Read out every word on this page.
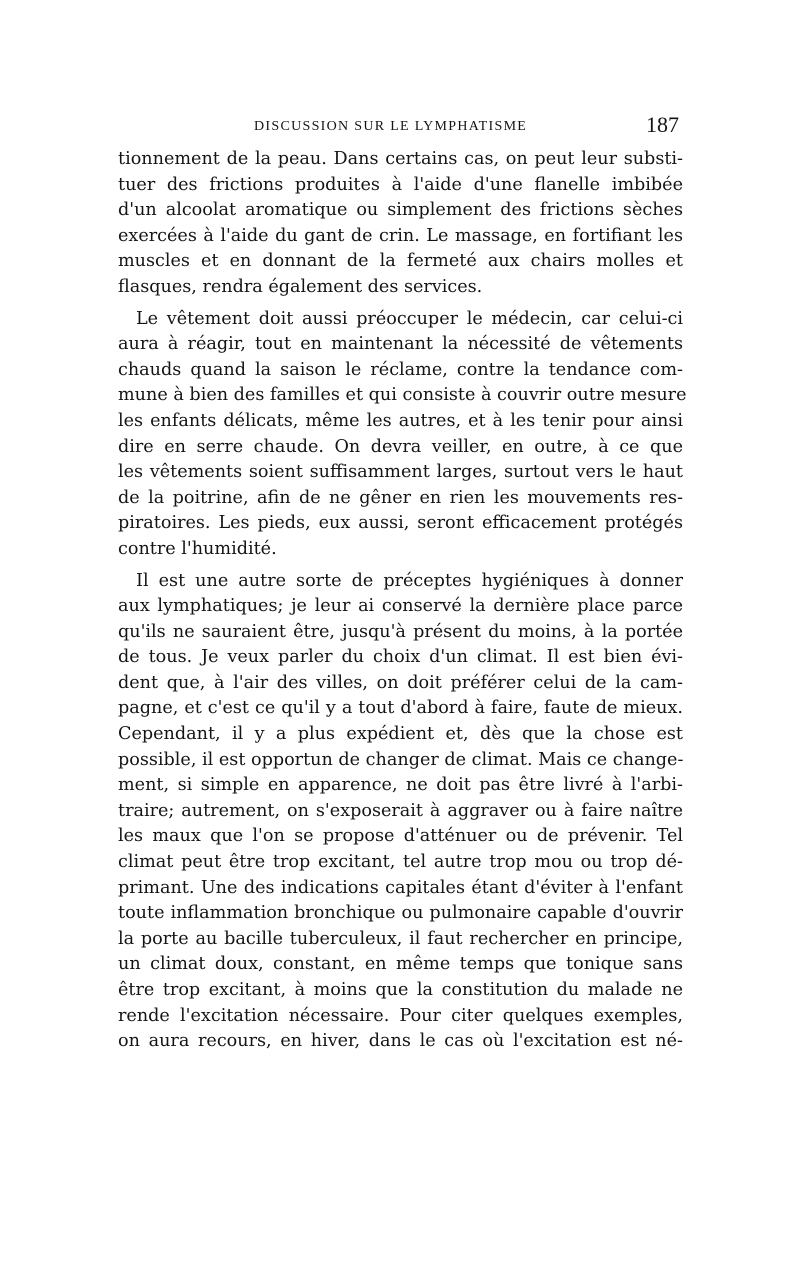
DISCUSSION SUR LE LYMPHATISME	187

tionnement de la peau. Dans certains cas, on peut leur substi-
tuer des frictions produites à l'aide d'une flanelle imbibée
d'un alcoolat aromatique ou simplement des frictions sèches
exercées à l'aide du gant de crin. Le massage, en fortifiant les
muscles et en donnant de la fermeté aux chairs molles et
flasques, rendra également des services.

Le vêtement doit aussi préoccuper le médecin, car celui-ci
aura à réagir, tout en maintenant la nécessité de vêtements
chauds quand la saison le réclame, contre la tendance com-
mune à bien des familles et qui consiste à couvrir outre mesure
les enfants délicats, même les autres, et à les tenir pour ainsi
dire en serre chaude. On devra veiller, en outre, à ce que
les vêtements soient suffisamment larges, surtout vers le haut
de la poitrine, afin de ne gêner en rien les mouvements res-
piratoires. Les pieds, eux aussi, seront efficacement protégés
contre l'humidité.

Il est une autre sorte de préceptes hygiéniques à donner
aux lymphatiques; je leur ai conservé la dernière place parce
qu'ils ne sauraient être, jusqu'à présent du moins, à la portée
de tous. Je veux parler du choix d'un climat. Il est bien évi-
dent que, à l'air des villes, on doit préférer celui de la cam-
pagne, et c'est ce qu'il y a tout d'abord à faire, faute de mieux.
Cependant, il y a plus expédient et, dès que la chose est
possible, il est opportun de changer de climat. Mais ce change-
ment, si simple en apparence, ne doit pas être livré à l'arbi-
traire; autrement, on s'exposerait à aggraver ou à faire naître
les maux que l'on se propose d'atténuer ou de prévenir. Tel
climat peut être trop excitant, tel autre trop mou ou trop dé-
primant. Une des indications capitales étant d'éviter à l'enfant
toute inflammation bronchique ou pulmonaire capable d'ouvrir
la porte au bacille tuberculeux, il faut rechercher en principe,
un climat doux, constant, en même temps que tonique sans
être trop excitant, à moins que la constitution du malade ne
rende l'excitation nécessaire. Pour citer quelques exemples,
on aura recours, en hiver, dans le cas où l'excitation est né-
